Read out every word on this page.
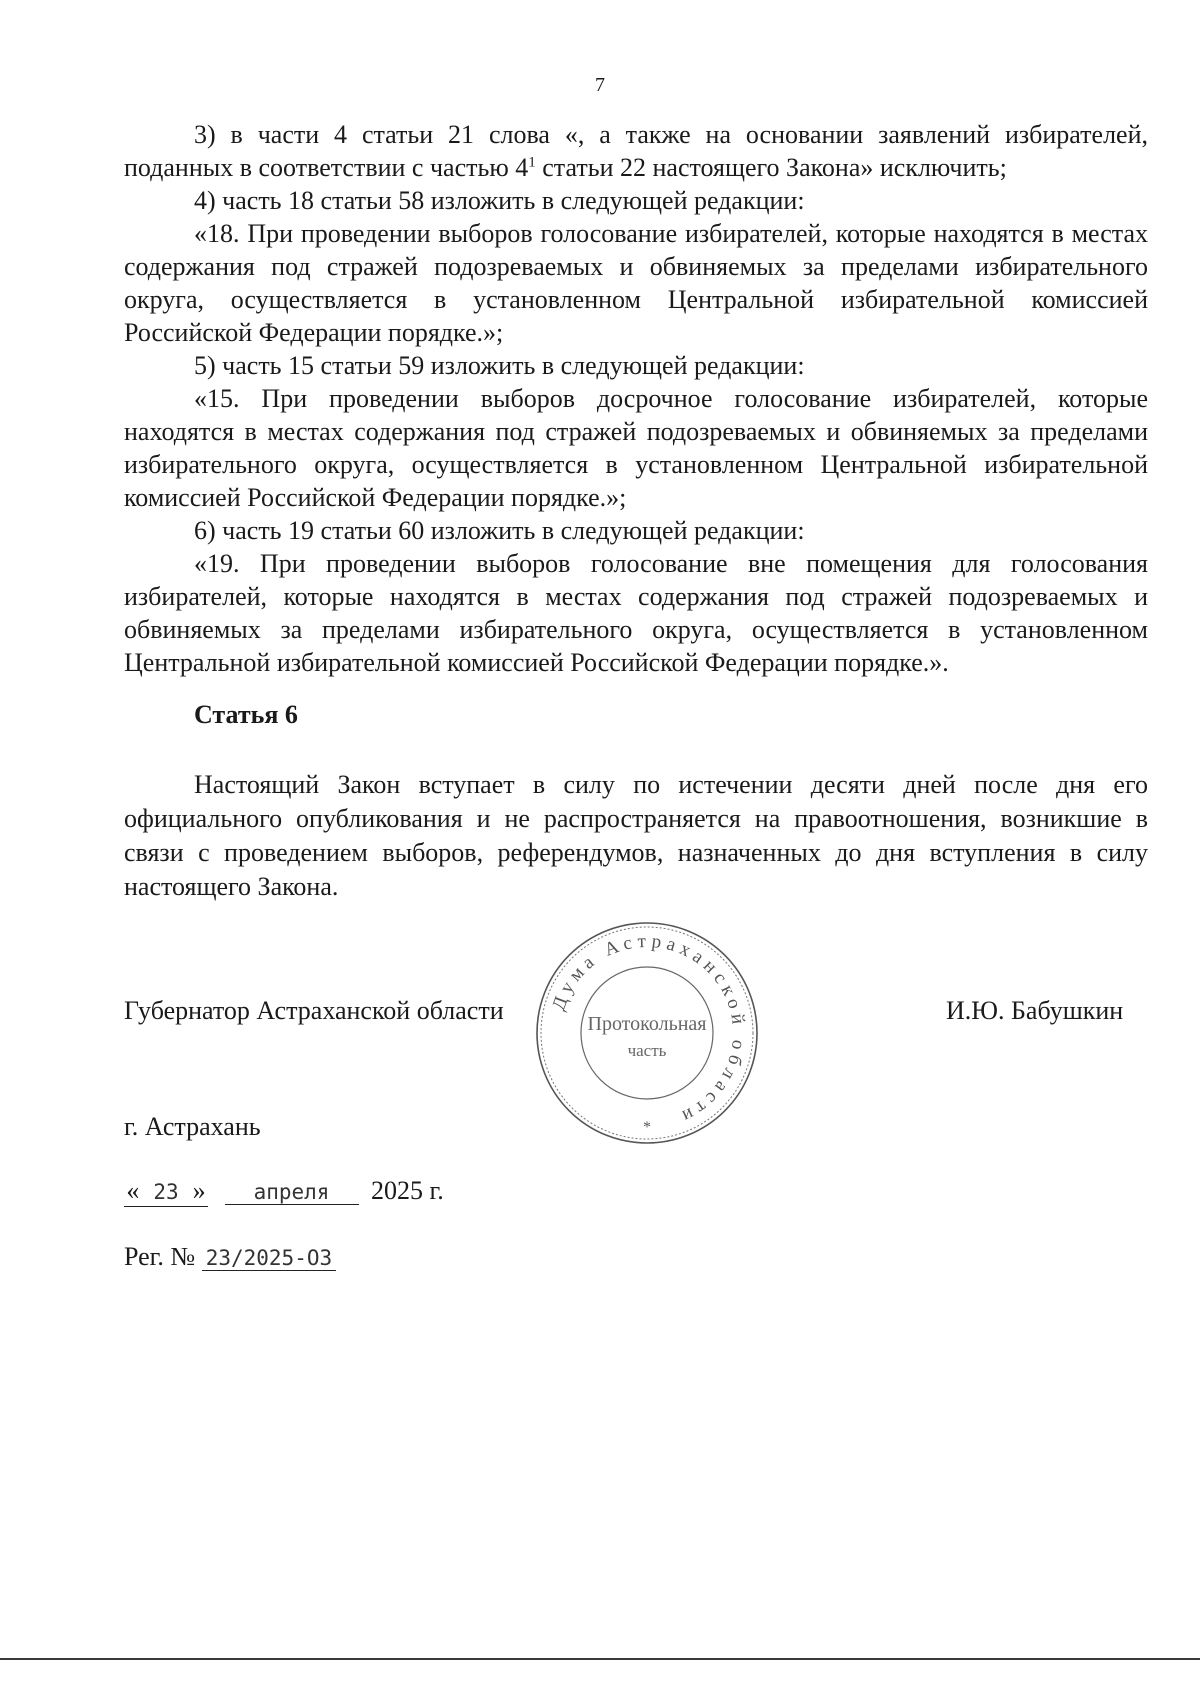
7

3) в части 4 статьи 21 слова «, а также на основании заявлений избирателей, поданных в соответствии с частью $4^1$ статьи 22 настоящего Закона» исключить;

4) часть 18 статьи 58 изложить в следующей редакции:

«18. При проведении выборов голосование избирателей, которые находятся в местах содержания под стражей подозреваемых и обвиняемых за пределами избирательного округа, осуществляется в установленном Центральной избирательной комиссией Российской Федерации порядке.»;

5) часть 15 статьи 59 изложить в следующей редакции:

«15. При проведении выборов досрочное голосование избирателей, которые находятся в местах содержания под стражей подозреваемых и обвиняемых за пределами избирательного округа, осуществляется в установленном Центральной избирательной комиссией Российской Федерации порядке.»;

6) часть 19 статьи 60 изложить в следующей редакции:

«19. При проведении выборов голосование вне помещения для голосования избирателей, которые находятся в местах содержания под стражей подозреваемых и обвиняемых за пределами избирательного округа, осуществляется в установленном Центральной избирательной комиссией Российской Федерации порядке.».

Статья 6

Настоящий Закон вступает в силу по истечении десяти дней после дня его официального опубликования и не распространяется на правоотношения, возникшие в связи с проведением выборов, референдумов, назначенных до дня вступления в силу настоящего Закона.

Губернатор Астраханской области	И.Ю. Бабушкин
Дума Астраханской области
Протокольная
часть
*
г. Астрахань
« 23 » апреля 2025 г.
Рег. № 23/2025-ОЗ
